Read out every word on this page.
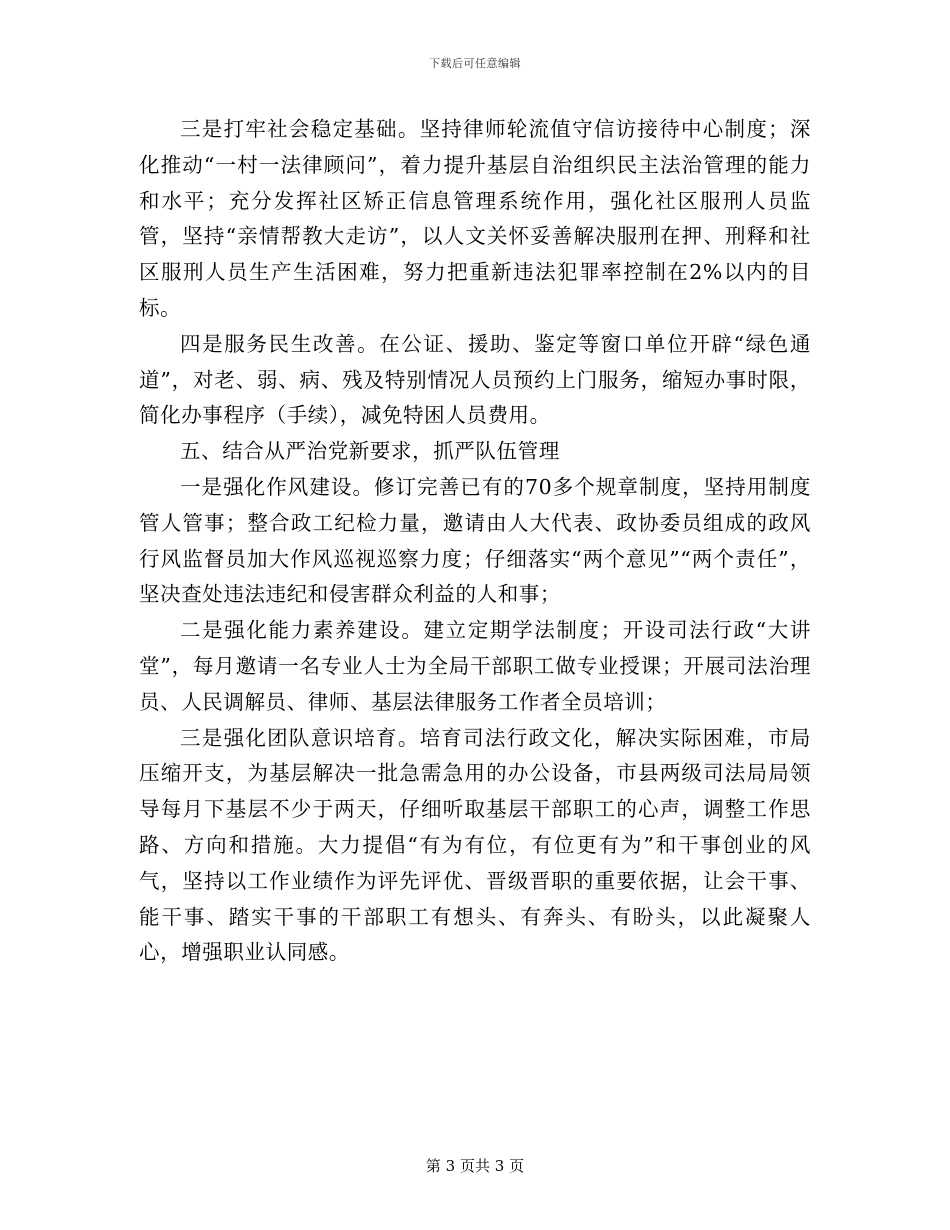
下载后可任意编辑

三是打牢社会稳定基础。坚持律师轮流值守信访接待中心制度；深化推动“一村一法律顾问”，着力提升基层自治组织民主法治管理的能力和水平；充分发挥社区矫正信息管理系统作用，强化社区服刑人员监管，坚持“亲情帮教大走访”，以人文关怀妥善解决服刑在押、刑释和社区服刑人员生产生活困难，努力把重新违法犯罪率控制在2%以内的目标。

四是服务民生改善。在公证、援助、鉴定等窗口单位开辟“绿色通道”，对老、弱、病、残及特别情况人员预约上门服务，缩短办事时限，简化办事程序（手续），减免特困人员费用。

五、结合从严治党新要求，抓严队伍管理

一是强化作风建设。修订完善已有的70多个规章制度，坚持用制度管人管事；整合政工纪检力量，邀请由人大代表、政协委员组成的政风行风监督员加大作风巡视巡察力度；仔细落实“两个意见”“两个责任”，坚决查处违法违纪和侵害群众利益的人和事；

二是强化能力素养建设。建立定期学法制度；开设司法行政“大讲堂”，每月邀请一名专业人士为全局干部职工做专业授课；开展司法治理员、人民调解员、律师、基层法律服务工作者全员培训；

三是强化团队意识培育。培育司法行政文化，解决实际困难，市局压缩开支，为基层解决一批急需急用的办公设备，市县两级司法局局领导每月下基层不少于两天，仔细听取基层干部职工的心声，调整工作思路、方向和措施。大力提倡“有为有位，有位更有为”和干事创业的风气，坚持以工作业绩作为评先评优、晋级晋职的重要依据，让会干事、能干事、踏实干事的干部职工有想头、有奔头、有盼头，以此凝聚人心，增强职业认同感。

第 3 页共 3 页
